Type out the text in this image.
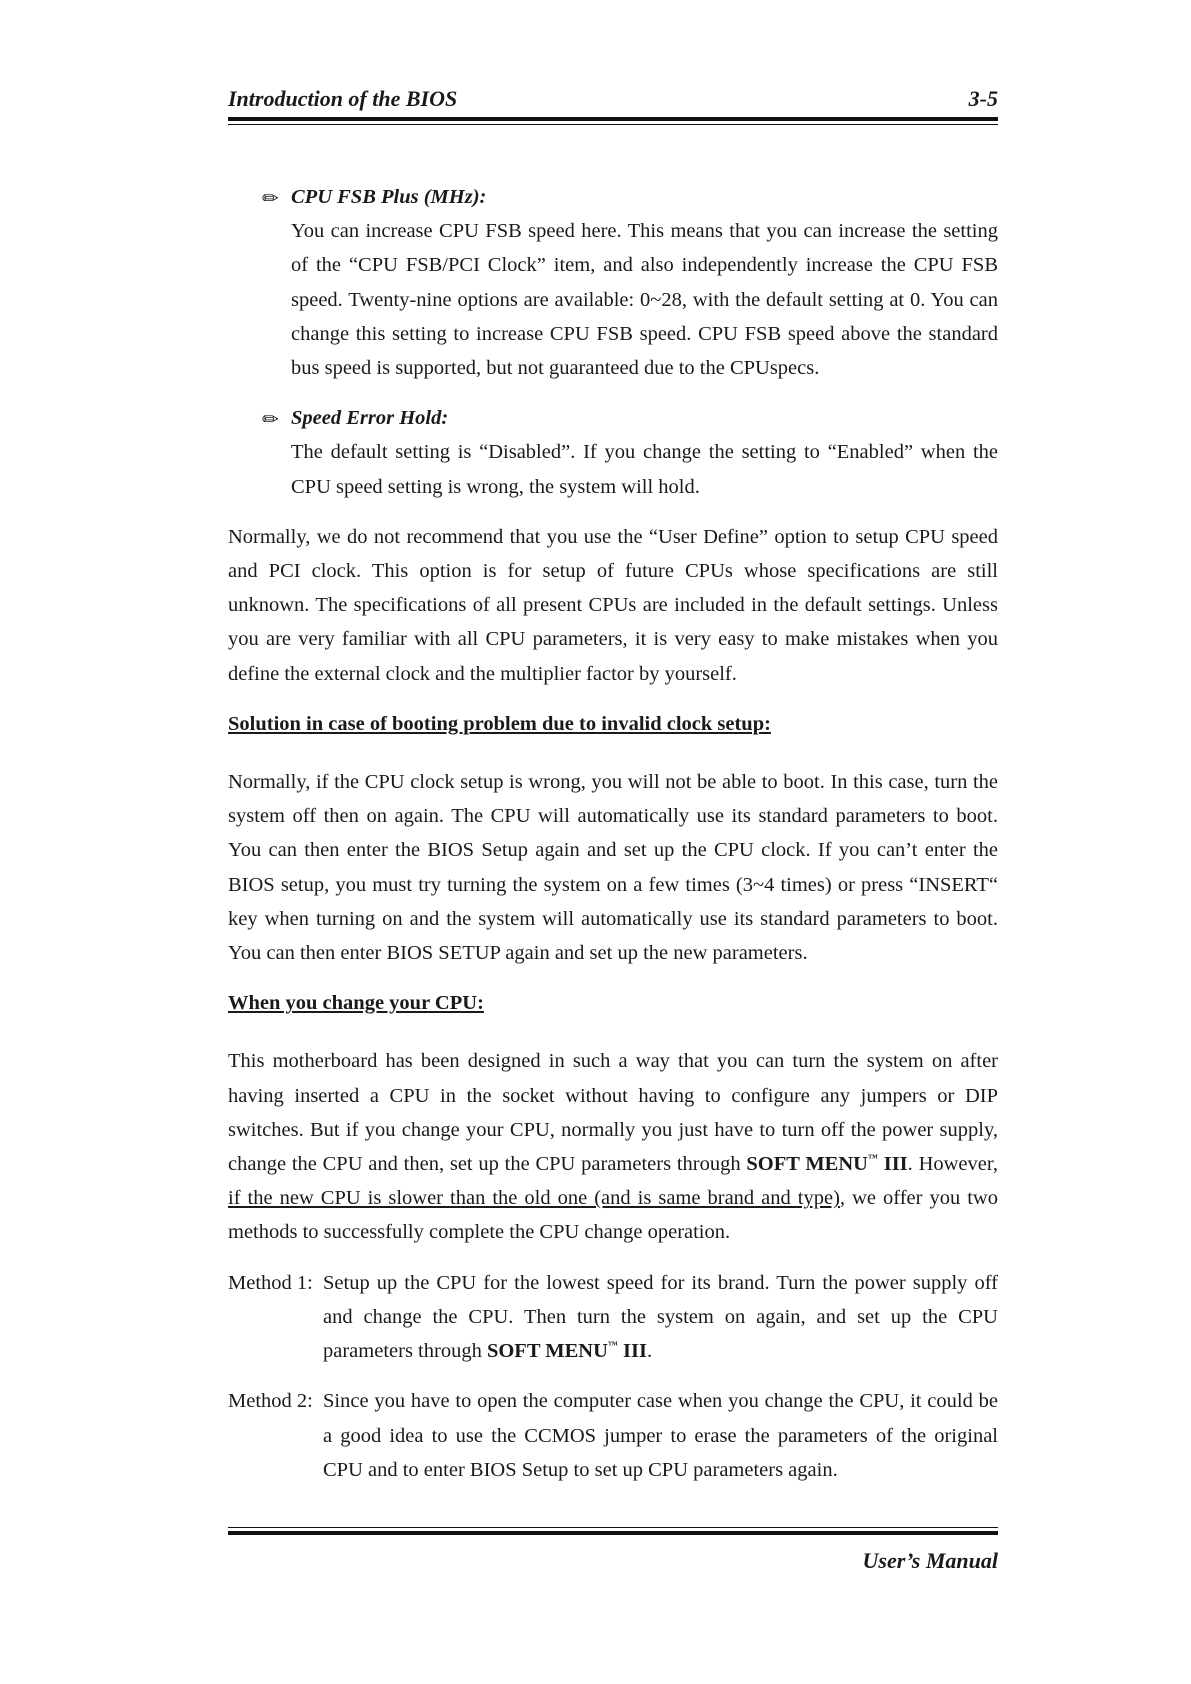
Introduction of the BIOS	3-5
✏ CPU FSB Plus (MHz):
You can increase CPU FSB speed here. This means that you can increase the setting of the “CPU FSB/PCI Clock” item, and also independently increase the CPU FSB speed. Twenty-nine options are available: 0~28, with the default setting at 0. You can change this setting to increase CPU FSB speed. CPU FSB speed above the standard bus speed is supported, but not guaranteed due to the CPUspecs.
✏ Speed Error Hold:
The default setting is “Disabled”. If you change the setting to “Enabled” when the CPU speed setting is wrong, the system will hold.

Normally, we do not recommend that you use the “User Define” option to setup CPU speed and PCI clock. This option is for setup of future CPUs whose specifications are still unknown. The specifications of all present CPUs are included in the default settings. Unless you are very familiar with all CPU parameters, it is very easy to make mistakes when you define the external clock and the multiplier factor by yourself.

Solution in case of booting problem due to invalid clock setup:

Normally, if the CPU clock setup is wrong, you will not be able to boot. In this case, turn the system off then on again. The CPU will automatically use its standard parameters to boot. You can then enter the BIOS Setup again and set up the CPU clock. If you can’t enter the BIOS setup, you must try turning the system on a few times (3~4 times) or press “INSERT“ key when turning on and the system will automatically use its standard parameters to boot. You can then enter BIOS SETUP again and set up the new parameters.

When you change your CPU:

This motherboard has been designed in such a way that you can turn the system on after having inserted a CPU in the socket without having to configure any jumpers or DIP switches. But if you change your CPU, normally you just have to turn off the power supply, change the CPU and then, set up the CPU parameters through SOFT MENU™ III. However, if the new CPU is slower than the old one (and is same brand and type), we offer you two methods to successfully complete the CPU change operation.

Method 1: Setup up the CPU for the lowest speed for its brand. Turn the power supply off and change the CPU. Then turn the system on again, and set up the CPU parameters through SOFT MENU™ III.
Method 2: Since you have to open the computer case when you change the CPU, it could be a good idea to use the CCMOS jumper to erase the parameters of the original CPU and to enter BIOS Setup to set up CPU parameters again.
User’s Manual
